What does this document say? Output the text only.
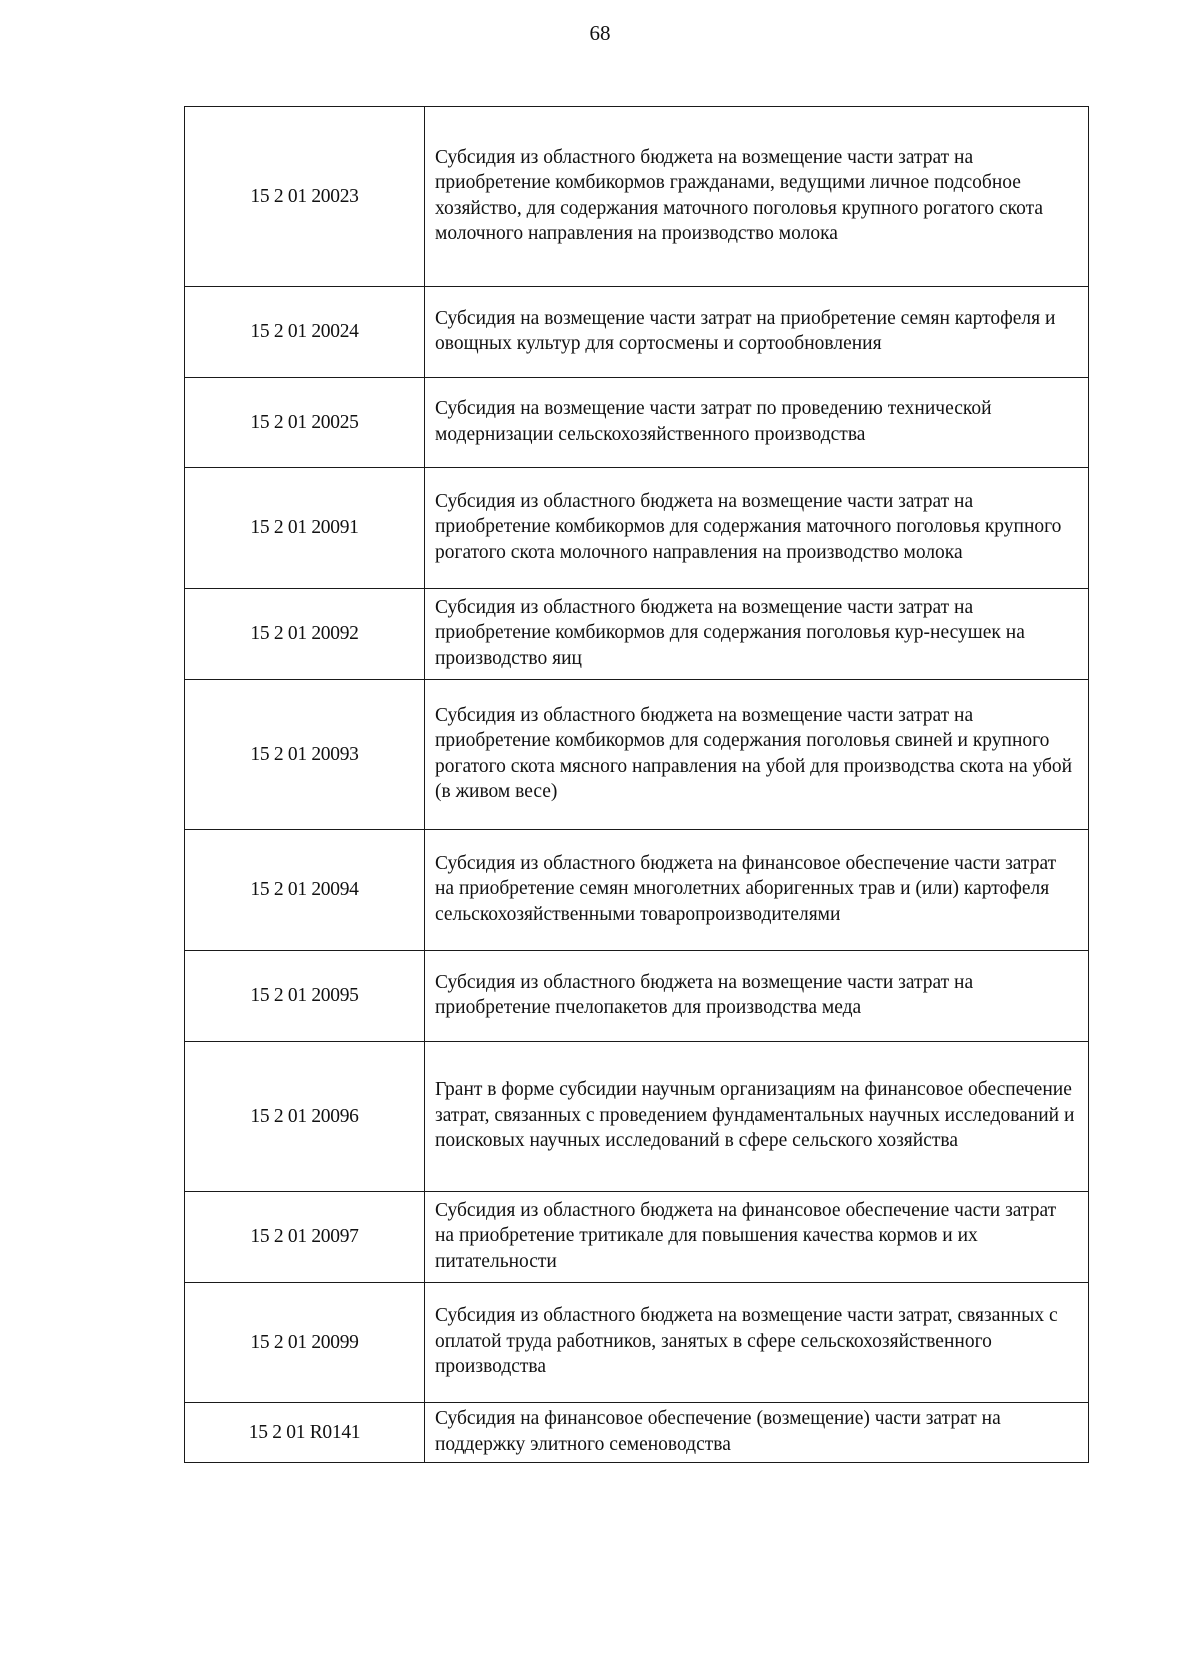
68
15 2 01 20023	Субсидия из областного бюджета на возмещение части затрат на приобретение комбикормов гражданами, ведущими личное подсобное хозяйство, для содержания маточного поголовья крупного рогатого скота молочного направления на производство молока
15 2 01 20024	Субсидия на возмещение части затрат на приобретение семян картофеля и овощных культур для сортосмены и сортообновления
15 2 01 20025	Субсидия на возмещение части затрат по проведению технической модернизации сельскохозяйственного производства
15 2 01 20091	Субсидия из областного бюджета на возмещение части затрат на приобретение комбикормов для содержания маточного поголовья крупного рогатого скота молочного направления на производство молока
15 2 01 20092	Субсидия из областного бюджета на возмещение части затрат на приобретение комбикормов для содержания поголовья кур-несушек на производство яиц
15 2 01 20093	Субсидия из областного бюджета на возмещение части затрат на приобретение комбикормов для содержания поголовья свиней и крупного рогатого скота мясного направления на убой для производства скота на убой (в живом весе)
15 2 01 20094	Субсидия из областного бюджета на финансовое обеспечение части затрат на приобретение семян многолетних аборигенных трав и (или) картофеля сельскохозяйственными товаропроизводителями
15 2 01 20095	Субсидия из областного бюджета на возмещение части затрат на приобретение пчелопакетов для производства меда
15 2 01 20096	Грант в форме субсидии научным организациям на финансовое обеспечение затрат, связанных с проведением фундаментальных научных исследований и поисковых научных исследований в сфере сельского хозяйства
15 2 01 20097	Субсидия из областного бюджета на финансовое обеспечение части затрат на приобретение тритикале для повышения качества кормов и их питательности
15 2 01 20099	Субсидия из областного бюджета на возмещение части затрат, связанных с оплатой труда работников, занятых в сфере сельскохозяйственного производства
15 2 01 R0141	Субсидия на финансовое обеспечение (возмещение) части затрат на поддержку элитного семеноводства
